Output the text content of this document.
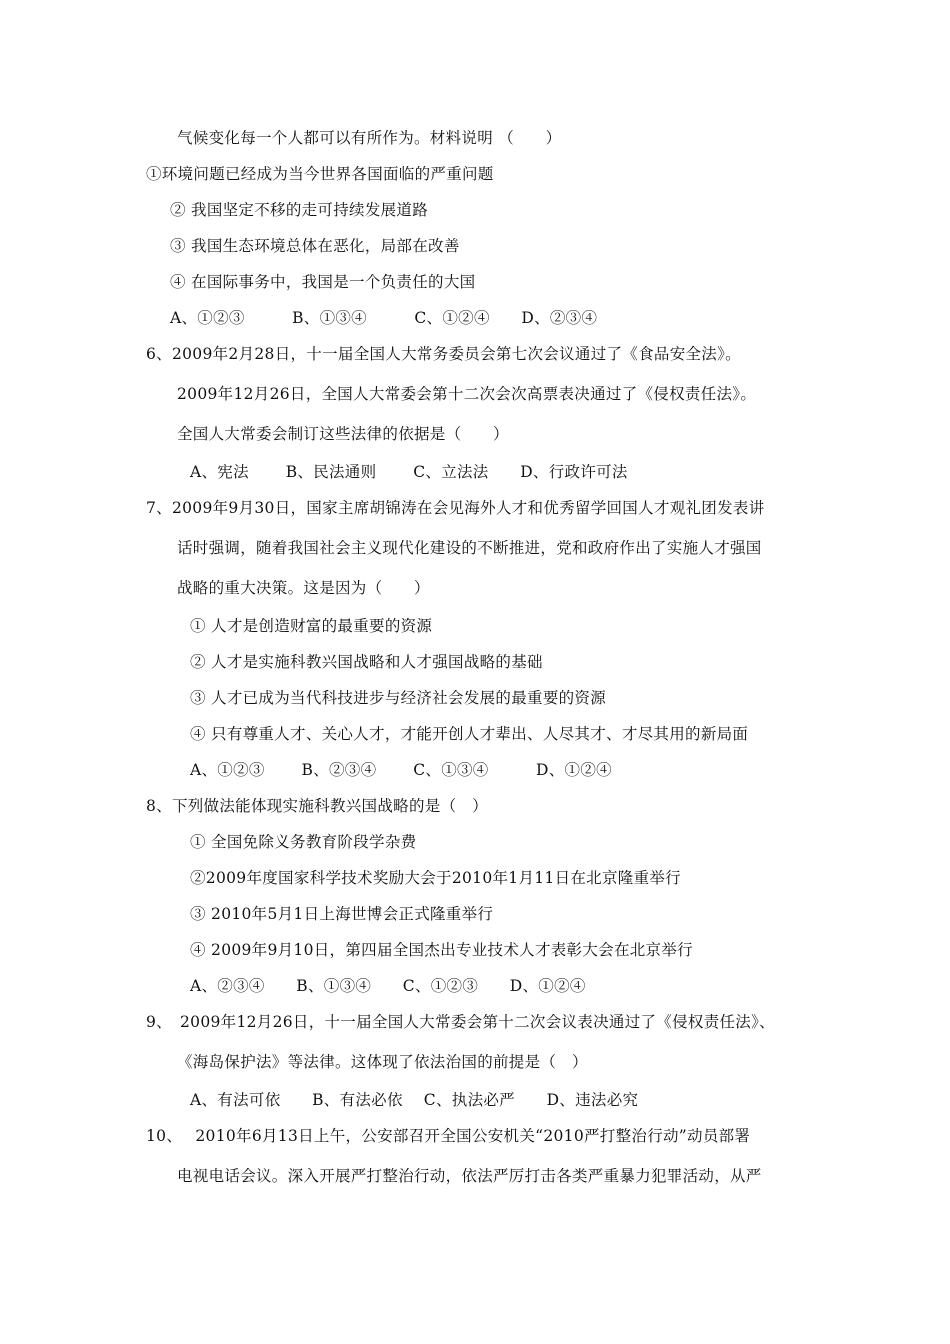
气候变化每一个人都可以有所作为。材料说明 （　　）
①环境问题已经成为当今世界各国面临的严重问题
② 我国坚定不移的走可持续发展道路
③ 我国生态环境总体在恶化，局部在改善
④ 在国际事务中，我国是一个负责任的大国
A、①②③　　　B、①③④　　　C、①②④　　D、②③④
6、2009年2月28日，十一届全国人大常务委员会第七次会议通过了《食品安全法》。
2009年12月26日，全国人大常委会第十二次会次高票表决通过了《侵权责任法》。
全国人大常委会制订这些法律的依据是（　　）
A、宪法　　 B、民法通则　　 C、立法法　　D、行政许可法
7、2009年9月30日，国家主席胡锦涛在会见海外人才和优秀留学回国人才观礼团发表讲
话时强调，随着我国社会主义现代化建设的不断推进，党和政府作出了实施人才强国
战略的重大决策。这是因为（　　）
① 人才是创造财富的最重要的资源
② 人才是实施科教兴国战略和人才强国战略的基础
③ 人才已成为当代科技进步与经济社会发展的最重要的资源
④ 只有尊重人才、关心人才，才能开创人才辈出、人尽其才、才尽其用的新局面
A、①②③　　 B、②③④　　 C、①③④　　　D、①②④
8、下列做法能体现实施科教兴国战略的是（　）
① 全国免除义务教育阶段学杂费
②2009年度国家科学技术奖励大会于2010年1月11日在北京隆重举行
③ 2010年5月1日上海世博会正式隆重举行
④ 2009年9月10日，第四届全国杰出专业技术人才表彰大会在北京举行
A、②③④　　B、①③④　　C、①②③　　D、①②④
9、　2009年12月26日，十一届全国人大常委会第十二次会议表决通过了《侵权责任法》、
《海岛保护法》等法律。这体现了依法治国的前提是（　）
A、有法可依　　B、有法必依　 C、执法必严　　D、违法必究
10、　 2010年6月13日上午，公安部召开全国公安机关“2010严打整治行动”动员部署
电视电话会议。深入开展严打整治行动，依法严厉打击各类严重暴力犯罪活动，从严
